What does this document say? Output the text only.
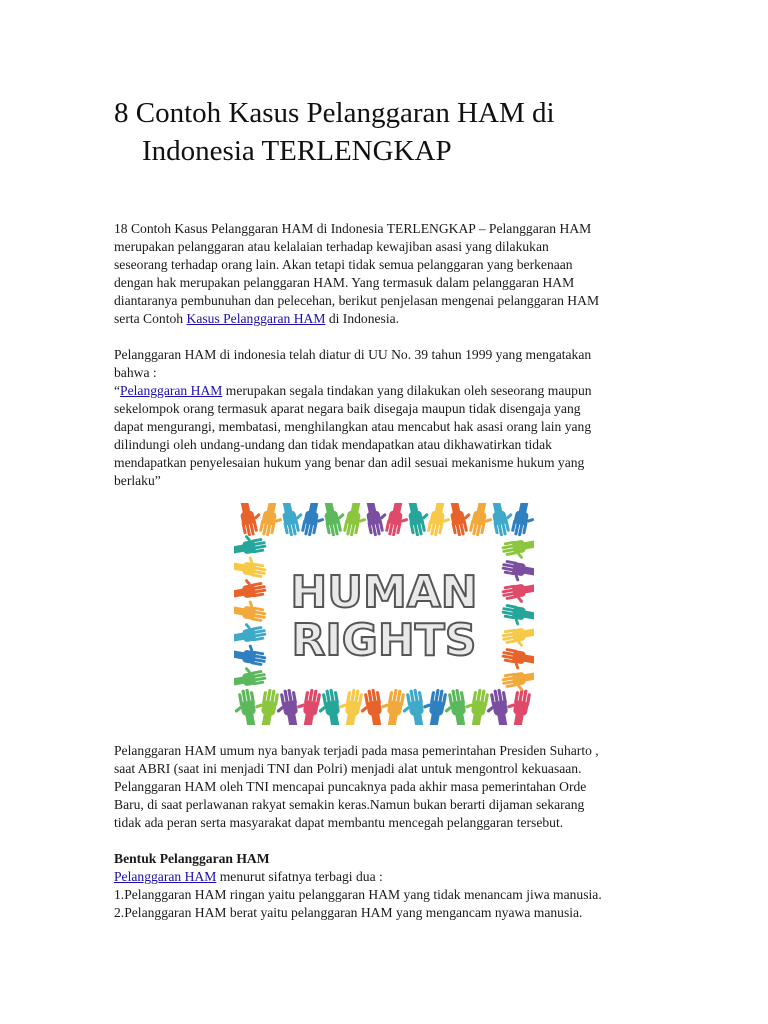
8 Contoh Kasus Pelanggaran HAM di
Indonesia TERLENGKAP

18 Contoh Kasus Pelanggaran HAM di Indonesia TERLENGKAP – Pelanggaran HAM
merupakan pelanggaran atau kelalaian terhadap kewajiban asasi yang dilakukan
seseorang terhadap orang lain. Akan tetapi tidak semua pelanggaran yang berkenaan
dengan hak merupakan pelanggaran HAM. Yang termasuk dalam pelanggaran HAM
diantaranya pembunuhan dan pelecehan, berikut penjelasan mengenai pelanggaran HAM
serta Contoh Kasus Pelanggaran HAM di Indonesia.

Pelanggaran HAM di indonesia telah diatur di UU No. 39 tahun 1999 yang mengatakan
bahwa :
“Pelanggaran HAM merupakan segala tindakan yang dilakukan oleh seseorang maupun
sekelompok orang termasuk aparat negara baik disegaja maupun tidak disengaja yang
dapat mengurangi, membatasi, menghilangkan atau mencabut hak asasi orang lain yang
dilindungi oleh undang-undang dan tidak mendapatkan atau dikhawatirkan tidak
mendapatkan penyelesaian hukum yang benar dan adil sesuai mekanisme hukum yang
berlaku”

HUMAN
RIGHTS

Pelanggaran HAM umum nya banyak terjadi pada masa pemerintahan Presiden Suharto ,
saat ABRI (saat ini menjadi TNI dan Polri) menjadi alat untuk mengontrol kekuasaan.
Pelanggaran HAM oleh TNI mencapai puncaknya pada akhir masa pemerintahan Orde
Baru, di saat perlawanan rakyat semakin keras.Namun bukan berarti dijaman sekarang
tidak ada peran serta masyarakat dapat membantu mencegah pelanggaran tersebut.

Bentuk Pelanggaran HAM
Pelanggaran HAM menurut sifatnya terbagi dua :
1.Pelanggaran HAM ringan yaitu pelanggaran HAM yang tidak menancam jiwa manusia.
2.Pelanggaran HAM berat yaitu pelanggaran HAM yang mengancam nyawa manusia.
